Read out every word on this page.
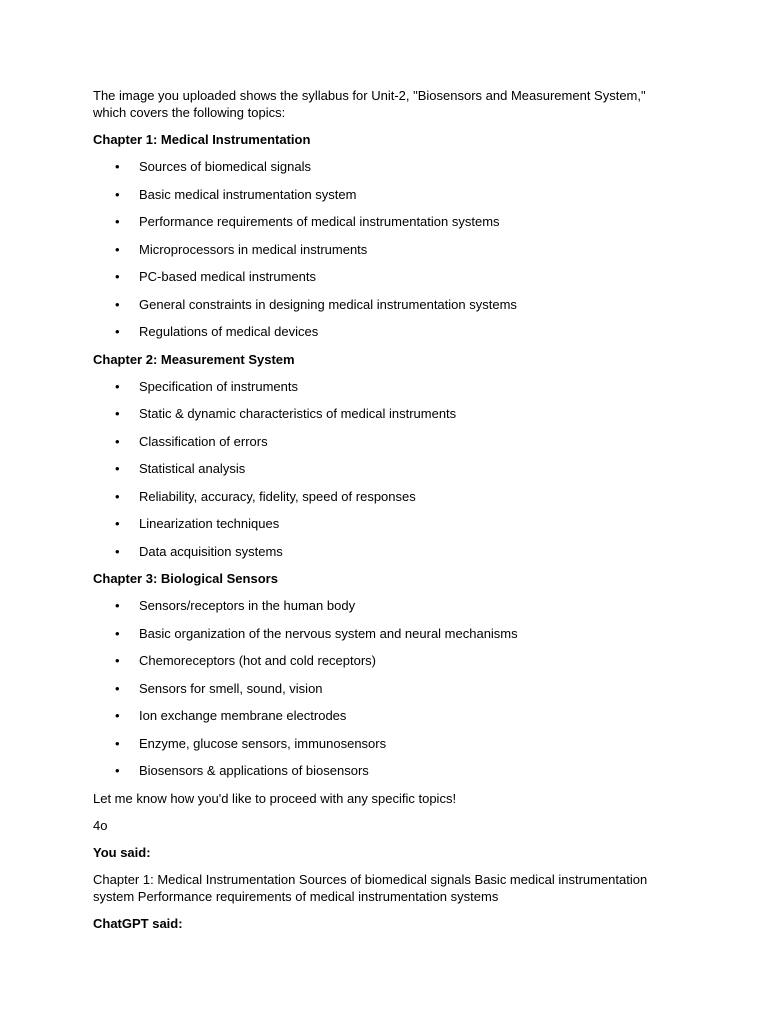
The image you uploaded shows the syllabus for Unit-2, "Biosensors and Measurement System," which covers the following topics:

Chapter 1: Medical Instrumentation

• Sources of biomedical signals
• Basic medical instrumentation system
• Performance requirements of medical instrumentation systems
• Microprocessors in medical instruments
• PC-based medical instruments
• General constraints in designing medical instrumentation systems
• Regulations of medical devices

Chapter 2: Measurement System

• Specification of instruments
• Static & dynamic characteristics of medical instruments
• Classification of errors
• Statistical analysis
• Reliability, accuracy, fidelity, speed of responses
• Linearization techniques
• Data acquisition systems

Chapter 3: Biological Sensors

• Sensors/receptors in the human body
• Basic organization of the nervous system and neural mechanisms
• Chemoreceptors (hot and cold receptors)
• Sensors for smell, sound, vision
• Ion exchange membrane electrodes
• Enzyme, glucose sensors, immunosensors
• Biosensors & applications of biosensors

Let me know how you'd like to proceed with any specific topics!

4o

You said:

Chapter 1: Medical Instrumentation Sources of biomedical signals Basic medical instrumentation system Performance requirements of medical instrumentation systems

ChatGPT said:
